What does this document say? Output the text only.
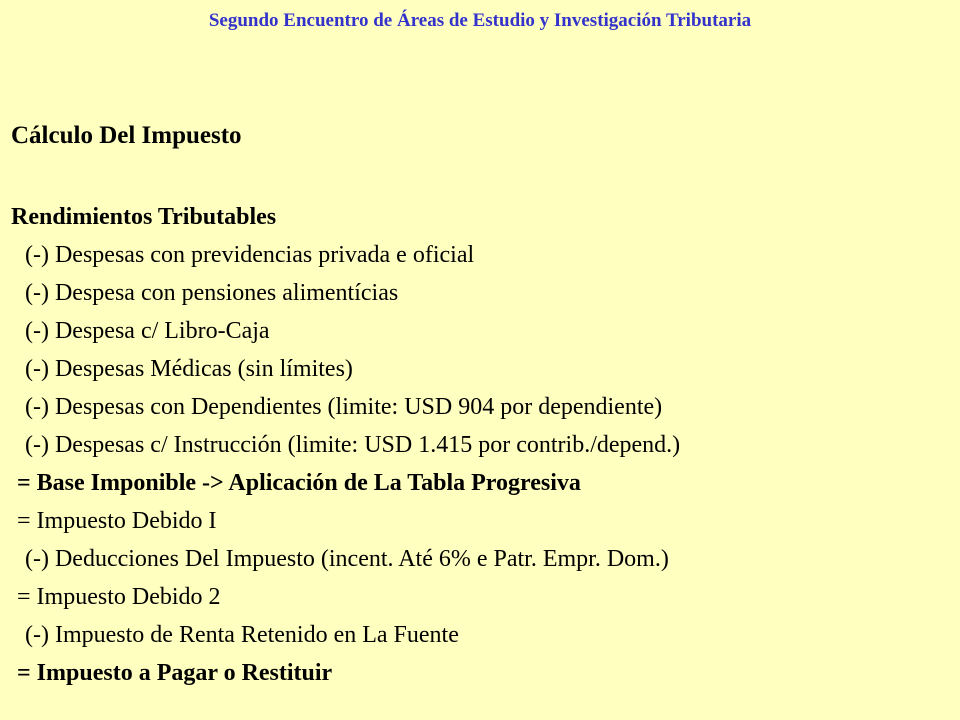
Segundo Encuentro de Áreas de Estudio y Investigación Tributaria
Cálculo Del Impuesto
Rendimientos Tributables
(-) Despesas con previdencias privada e oficial
(-) Despesa con pensiones alimentícias
(-) Despesa c/ Libro-Caja
(-) Despesas Médicas (sin límites)
(-) Despesas con Dependientes (limite: USD 904 por dependiente)
(-) Despesas c/ Instrucción (limite: USD 1.415 por contrib./depend.)
= Base Imponible -> Aplicación de La Tabla Progresiva
= Impuesto Debido I
(-) Deducciones Del Impuesto (incent. Até 6% e Patr. Empr. Dom.)
= Impuesto Debido 2
(-) Impuesto de Renta Retenido en La Fuente
= Impuesto a Pagar o Restituir
